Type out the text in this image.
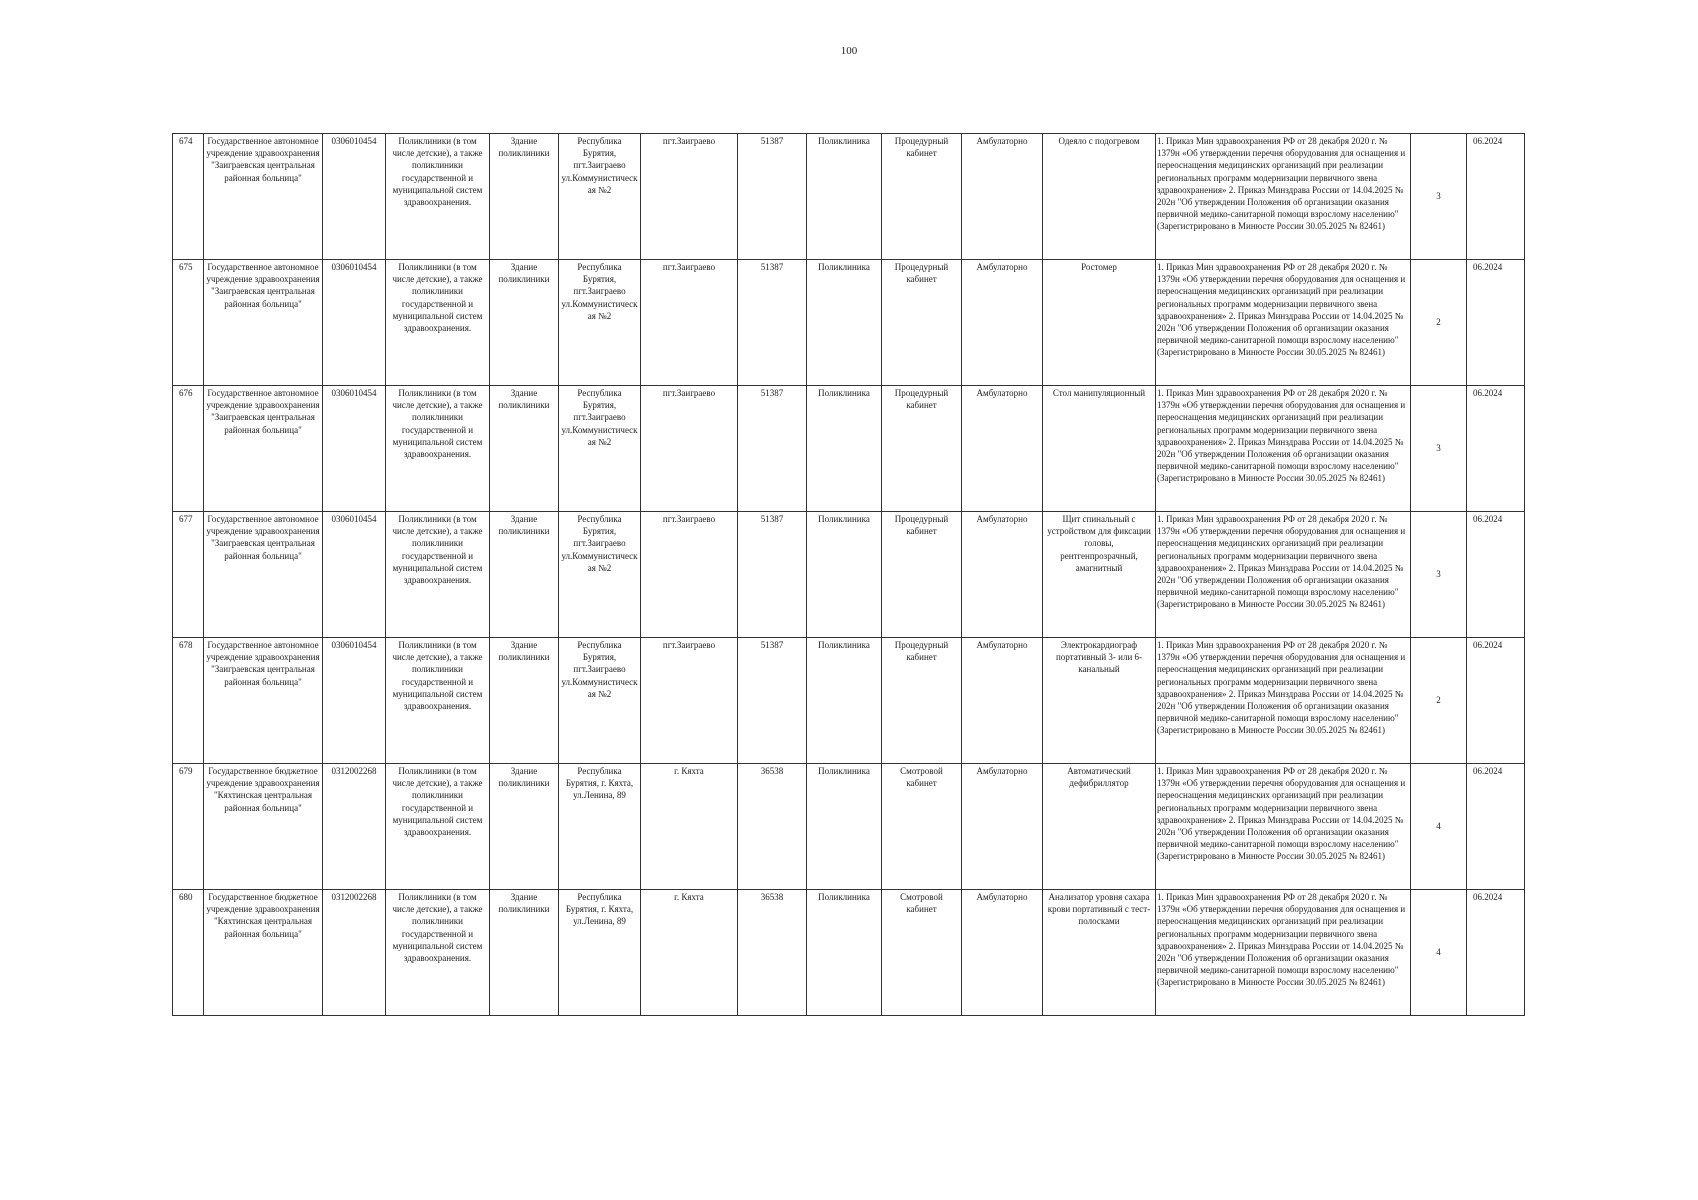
100
674	Государственное автономное учреждение здравоохранения "Заиграевская центральная районная больница"	0306010454	Поликлиники (в том числе детские), а также поликлиники государственной и муниципальной систем здравоохранения.	Здание поликлиники	Республика Бурятия, пгт.Заиграево ул.Коммунистическая №2	пгт.Заиграево	51387	Поликлиника	Процедурный кабинет	Амбулаторно	Одеяло с подогревом	1. Приказ Мин здравоохранения РФ от 28 декабря 2020 г. № 1379н «Об утверждении перечня оборудования для оснащения и переоснащения медицинских организаций при реализации региональных программ модернизации первичного звена здравоохранения» 2. Приказ Минздрава России от 14.04.2025 № 202н "Об утверждении Положения об организации оказания первичной медико-санитарной помощи взрослому населению" (Зарегистрировано в Минюсте России 30.05.2025 № 82461)	3	06.2024
675	Государственное автономное учреждение здравоохранения "Заиграевская центральная районная больница"	0306010454	Поликлиники (в том числе детские), а также поликлиники государственной и муниципальной систем здравоохранения.	Здание поликлиники	Республика Бурятия, пгт.Заиграево ул.Коммунистическая №2	пгт.Заиграево	51387	Поликлиника	Процедурный кабинет	Амбулаторно	Ростомер	1. Приказ Мин здравоохранения РФ от 28 декабря 2020 г. № 1379н «Об утверждении перечня оборудования для оснащения и переоснащения медицинских организаций при реализации региональных программ модернизации первичного звена здравоохранения» 2. Приказ Минздрава России от 14.04.2025 № 202н "Об утверждении Положения об организации оказания первичной медико-санитарной помощи взрослому населению" (Зарегистрировано в Минюсте России 30.05.2025 № 82461)	2	06.2024
676	Государственное автономное учреждение здравоохранения "Заиграевская центральная районная больница"	0306010454	Поликлиники (в том числе детские), а также поликлиники государственной и муниципальной систем здравоохранения.	Здание поликлиники	Республика Бурятия, пгт.Заиграево ул.Коммунистическая №2	пгт.Заиграево	51387	Поликлиника	Процедурный кабинет	Амбулаторно	Стол манипуляционный	1. Приказ Мин здравоохранения РФ от 28 декабря 2020 г. № 1379н «Об утверждении перечня оборудования для оснащения и переоснащения медицинских организаций при реализации региональных программ модернизации первичного звена здравоохранения» 2. Приказ Минздрава России от 14.04.2025 № 202н "Об утверждении Положения об организации оказания первичной медико-санитарной помощи взрослому населению" (Зарегистрировано в Минюсте России 30.05.2025 № 82461)	3	06.2024
677	Государственное автономное учреждение здравоохранения "Заиграевская центральная районная больница"	0306010454	Поликлиники (в том числе детские), а также поликлиники государственной и муниципальной систем здравоохранения.	Здание поликлиники	Республика Бурятия, пгт.Заиграево ул.Коммунистическая №2	пгт.Заиграево	51387	Поликлиника	Процедурный кабинет	Амбулаторно	Щит спинальный с устройством для фиксации головы, рентгенпрозрачный, амагнитный	1. Приказ Мин здравоохранения РФ от 28 декабря 2020 г. № 1379н «Об утверждении перечня оборудования для оснащения и переоснащения медицинских организаций при реализации региональных программ модернизации первичного звена здравоохранения» 2. Приказ Минздрава России от 14.04.2025 № 202н "Об утверждении Положения об организации оказания первичной медико-санитарной помощи взрослому населению" (Зарегистрировано в Минюсте России 30.05.2025 № 82461)	3	06.2024
678	Государственное автономное учреждение здравоохранения "Заиграевская центральная районная больница"	0306010454	Поликлиники (в том числе детские), а также поликлиники государственной и муниципальной систем здравоохранения.	Здание поликлиники	Республика Бурятия, пгт.Заиграево ул.Коммунистическая №2	пгт.Заиграево	51387	Поликлиника	Процедурный кабинет	Амбулаторно	Электрокардиограф портативный 3- или 6-канальный	1. Приказ Мин здравоохранения РФ от 28 декабря 2020 г. № 1379н «Об утверждении перечня оборудования для оснащения и переоснащения медицинских организаций при реализации региональных программ модернизации первичного звена здравоохранения» 2. Приказ Минздрава России от 14.04.2025 № 202н "Об утверждении Положения об организации оказания первичной медико-санитарной помощи взрослому населению" (Зарегистрировано в Минюсте России 30.05.2025 № 82461)	2	06.2024
679	Государственное бюджетное учреждение здравоохранения "Кяхтинская центральная районная больница"	0312002268	Поликлиники (в том числе детские), а также поликлиники государственной и муниципальной систем здравоохранения.	Здание поликлиники	Республика Бурятия, г. Кяхта, ул.Ленина, 89	г. Кяхта	36538	Поликлиника	Смотровой кабинет	Амбулаторно	Автоматический дефибриллятор	1. Приказ Мин здравоохранения РФ от 28 декабря 2020 г. № 1379н «Об утверждении перечня оборудования для оснащения и переоснащения медицинских организаций при реализации региональных программ модернизации первичного звена здравоохранения» 2. Приказ Минздрава России от 14.04.2025 № 202н "Об утверждении Положения об организации оказания первичной медико-санитарной помощи взрослому населению" (Зарегистрировано в Минюсте России 30.05.2025 № 82461)	4	06.2024
680	Государственное бюджетное учреждение здравоохранения "Кяхтинская центральная районная больница"	0312002268	Поликлиники (в том числе детские), а также поликлиники государственной и муниципальной систем здравоохранения.	Здание поликлиники	Республика Бурятия, г. Кяхта, ул.Ленина, 89	г. Кяхта	36538	Поликлиника	Смотровой кабинет	Амбулаторно	Анализатор уровня сахара крови портативный с тест-полосками	1. Приказ Мин здравоохранения РФ от 28 декабря 2020 г. № 1379н «Об утверждении перечня оборудования для оснащения и переоснащения медицинских организаций при реализации региональных программ модернизации первичного звена здравоохранения» 2. Приказ Минздрава России от 14.04.2025 № 202н "Об утверждении Положения об организации оказания первичной медико-санитарной помощи взрослому населению" (Зарегистрировано в Минюсте России 30.05.2025 № 82461)	4	06.2024
